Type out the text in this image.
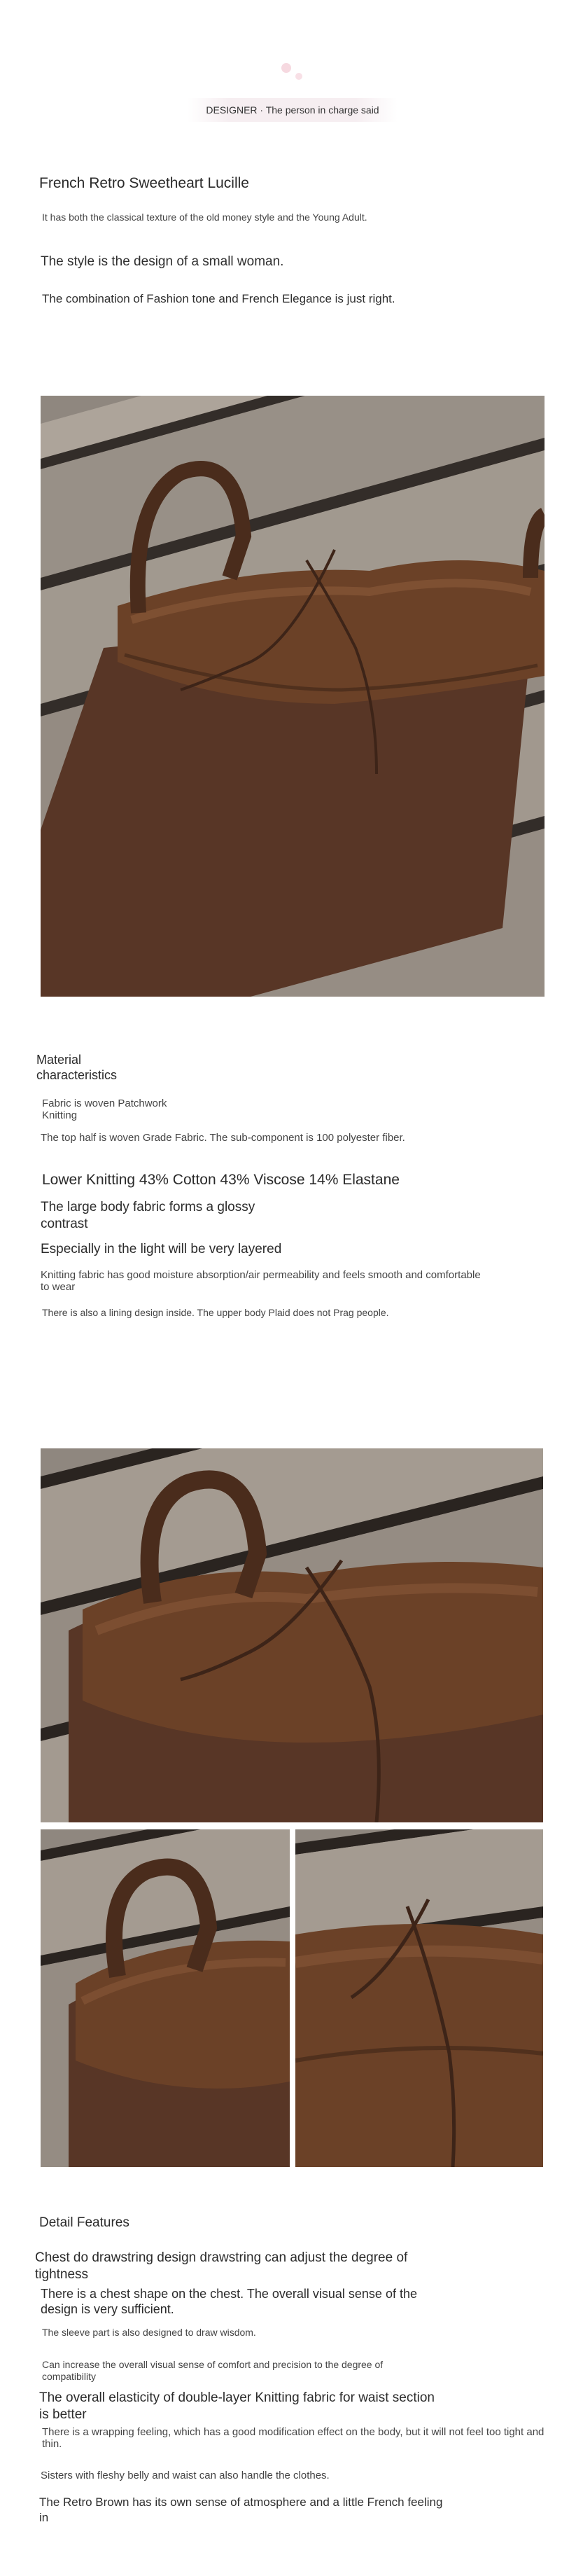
DESIGNER · The person in charge said
French Retro Sweetheart Lucille
It has both the classical texture of the old money style and the Young Adult.
The style is the design of a small woman.
The combination of Fashion tone and French Elegance is just right.
Material characteristics
Fabric is woven Patchwork Knitting
The top half is woven Grade Fabric. The sub-component is 100 polyester fiber.
Lower Knitting 43% Cotton 43% Viscose 14% Elastane
The large body fabric forms a glossy contrast
Especially in the light will be very layered
Knitting fabric has good moisture absorption/air permeability and feels smooth and comfortable to wear
There is also a lining design inside. The upper body Plaid does not Prag people.
Detail Features
Chest do drawstring design drawstring can adjust the degree of tightness
There is a chest shape on the chest. The overall visual sense of the design is very sufficient.
The sleeve part is also designed to draw wisdom.
Can increase the overall visual sense of comfort and precision to the degree of compatibility
The overall elasticity of double-layer Knitting fabric for waist section is better
There is a wrapping feeling, which has a good modification effect on the body, but it will not feel too tight and thin.
Sisters with fleshy belly and waist can also handle the clothes.
The Retro Brown has its own sense of atmosphere and a little French feeling in
